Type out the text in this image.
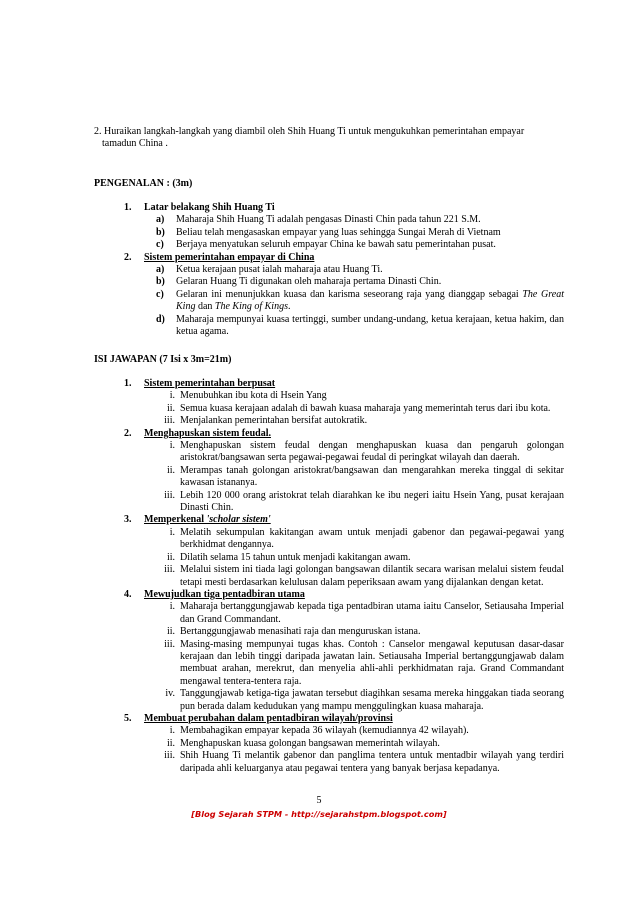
2. Huraikan langkah-langkah yang diambil oleh Shih Huang Ti untuk mengukuhkan pemerintahan empayar
tamadun China .
PENGENALAN : (3m)
1.	Latar belakang Shih Huang Ti
a)	Maharaja Shih Huang Ti adalah pengasas Dinasti Chin pada tahun 221 S.M.
b)	Beliau telah mengasaskan empayar yang luas sehingga Sungai Merah di Vietnam
c)	Berjaya menyatukan seluruh empayar China ke bawah satu pemerintahan pusat.
2.	Sistem pemerintahan empayar di China
a)	Ketua kerajaan pusat ialah maharaja atau Huang Ti.
b)	Gelaran Huang Ti digunakan oleh maharaja pertama Dinasti Chin.
c)	Gelaran ini menunjukkan kuasa dan karisma seseorang raja yang dianggap sebagai The Great King dan The King of Kings.
d)	Maharaja mempunyai kuasa tertinggi, sumber undang-undang, ketua kerajaan, ketua hakim, dan ketua agama.
ISI JAWAPAN (7 Isi x 3m=21m)
1.	Sistem pemerintahan berpusat
i. Menubuhkan ibu kota di Hsein Yang
ii. Semua kuasa kerajaan adalah di bawah kuasa maharaja yang memerintah terus dari ibu kota.
iii. Menjalankan pemerintahan bersifat autokratik.
2.	Menghapuskan sistem feudal.
i. Menghapuskan sistem feudal dengan menghapuskan kuasa dan pengaruh golongan aristokrat/bangsawan serta pegawai-pegawai feudal di peringkat wilayah dan daerah.
ii. Merampas tanah golongan aristokrat/bangsawan dan mengarahkan mereka tinggal di sekitar kawasan istananya.
iii. Lebih 120 000 orang aristokrat telah diarahkan ke ibu negeri iaitu Hsein Yang, pusat kerajaan Dinasti Chin.
3.	Memperkenal 'scholar sistem'
i. Melatih sekumpulan kakitangan awam untuk menjadi gabenor dan pegawai-pegawai yang berkhidmat dengannya.
ii. Dilatih selama 15 tahun untuk menjadi kakitangan awam.
iii. Melalui sistem ini tiada lagi golongan bangsawan dilantik secara warisan melalui sistem feudal tetapi mesti berdasarkan kelulusan dalam peperiksaan awam yang dijalankan dengan ketat.
4.	Mewujudkan tiga pentadbiran utama
i. Maharaja bertanggungjawab kepada tiga pentadbiran utama iaitu Canselor, Setiausaha Imperial dan Grand Commandant.
ii. Bertanggungjawab menasihati raja dan menguruskan istana.
iii. Masing-masing mempunyai tugas khas. Contoh : Canselor mengawal keputusan dasar-dasar kerajaan dan lebih tinggi daripada jawatan lain. Setiausaha Imperial bertanggungjawab dalam membuat arahan, merekrut, dan menyelia ahli-ahli perkhidmatan raja. Grand Commandant mengawal tentera-tentera raja.
iv. Tanggungjawab ketiga-tiga jawatan tersebut diagihkan sesama mereka hinggakan tiada seorang pun berada dalam kedudukan yang mampu menggulingkan kuasa maharaja.
5.	Membuat perubahan dalam pentadbiran wilayah/provinsi
i. Membahagikan empayar kepada 36 wilayah (kemudiannya 42 wilayah).
ii. Menghapuskan kuasa golongan bangsawan memerintah wilayah.
iii. Shih Huang Ti melantik gabenor dan panglima tentera untuk mentadbir wilayah yang terdiri daripada ahli keluarganya atau pegawai tentera yang banyak berjasa kepadanya.
5
[Blog Sejarah STPM - http://sejarahstpm.blogspot.com]
